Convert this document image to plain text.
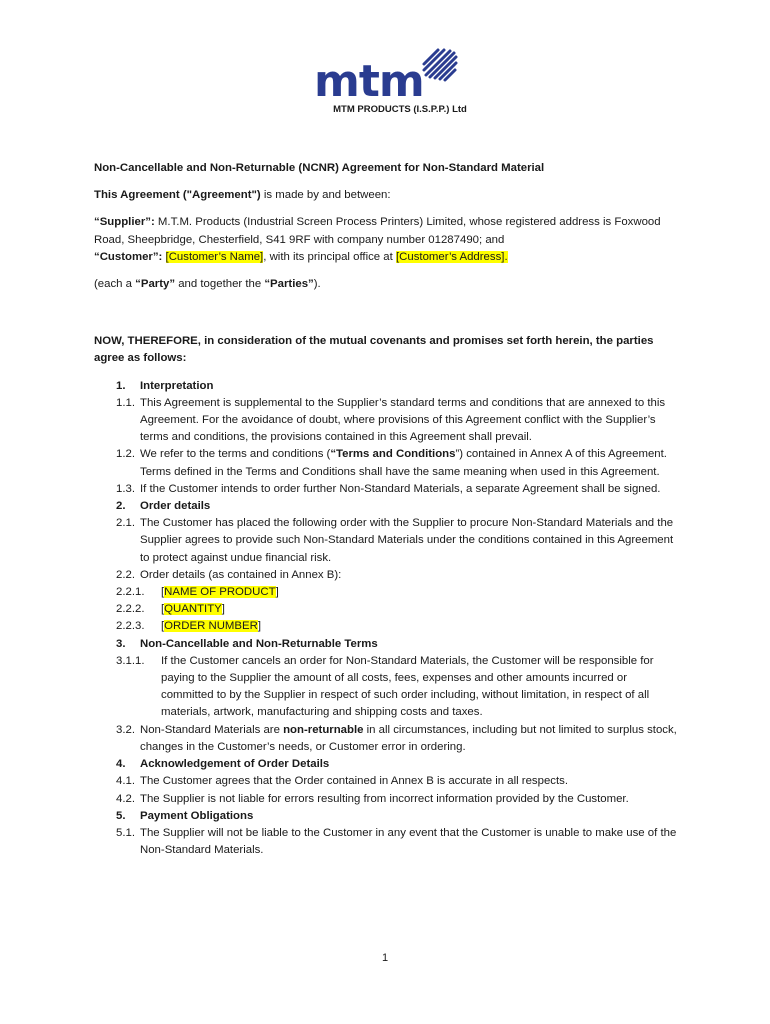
mtm
MTM PRODUCTS (I.S.P.P.) Ltd

Non-Cancellable and Non-Returnable (NCNR) Agreement for Non-Standard Material

This Agreement ("Agreement") is made by and between:

“Supplier”: M.T.M. Products (Industrial Screen Process Printers) Limited, whose registered address is Foxwood Road, Sheepbridge, Chesterfield, S41 9RF with company number 01287490; and
“Customer”: [Customer’s Name], with its principal office at [Customer’s Address].

(each a “Party” and together the “Parties”).

NOW, THEREFORE, in consideration of the mutual covenants and promises set forth herein, the parties agree as follows:

1.	Interpretation
1.1. This Agreement is supplemental to the Supplier’s standard terms and conditions that are annexed to this Agreement. For the avoidance of doubt, where provisions of this Agreement conflict with the Supplier’s terms and conditions, the provisions contained in this Agreement shall prevail.
1.2. We refer to the terms and conditions (“Terms and Conditions”) contained in Annex A of this Agreement. Terms defined in the Terms and Conditions shall have the same meaning when used in this Agreement.
1.3. If the Customer intends to order further Non-Standard Materials, a separate Agreement shall be signed.
2.	Order details
2.1. The Customer has placed the following order with the Supplier to procure Non-Standard Materials and the Supplier agrees to provide such Non-Standard Materials under the conditions contained in this Agreement to protect against undue financial risk.
2.2. Order details (as contained in Annex B):
2.2.1.	[NAME OF PRODUCT]
2.2.2.	[QUANTITY]
2.2.3.	[ORDER NUMBER]
3.	Non-Cancellable and Non-Returnable Terms
3.1.1.	If the Customer cancels an order for Non-Standard Materials, the Customer will be responsible for paying to the Supplier the amount of all costs, fees, expenses and other amounts incurred or committed to by the Supplier in respect of such order including, without limitation, in respect of all materials, artwork, manufacturing and shipping costs and taxes.
3.2. Non-Standard Materials are non-returnable in all circumstances, including but not limited to surplus stock, changes in the Customer’s needs, or Customer error in ordering.
4.	Acknowledgement of Order Details
4.1. The Customer agrees that the Order contained in Annex B is accurate in all respects.
4.2. The Supplier is not liable for errors resulting from incorrect information provided by the Customer.
5.	Payment Obligations
5.1. The Supplier will not be liable to the Customer in any event that the Customer is unable to make use of the Non-Standard Materials.
1
